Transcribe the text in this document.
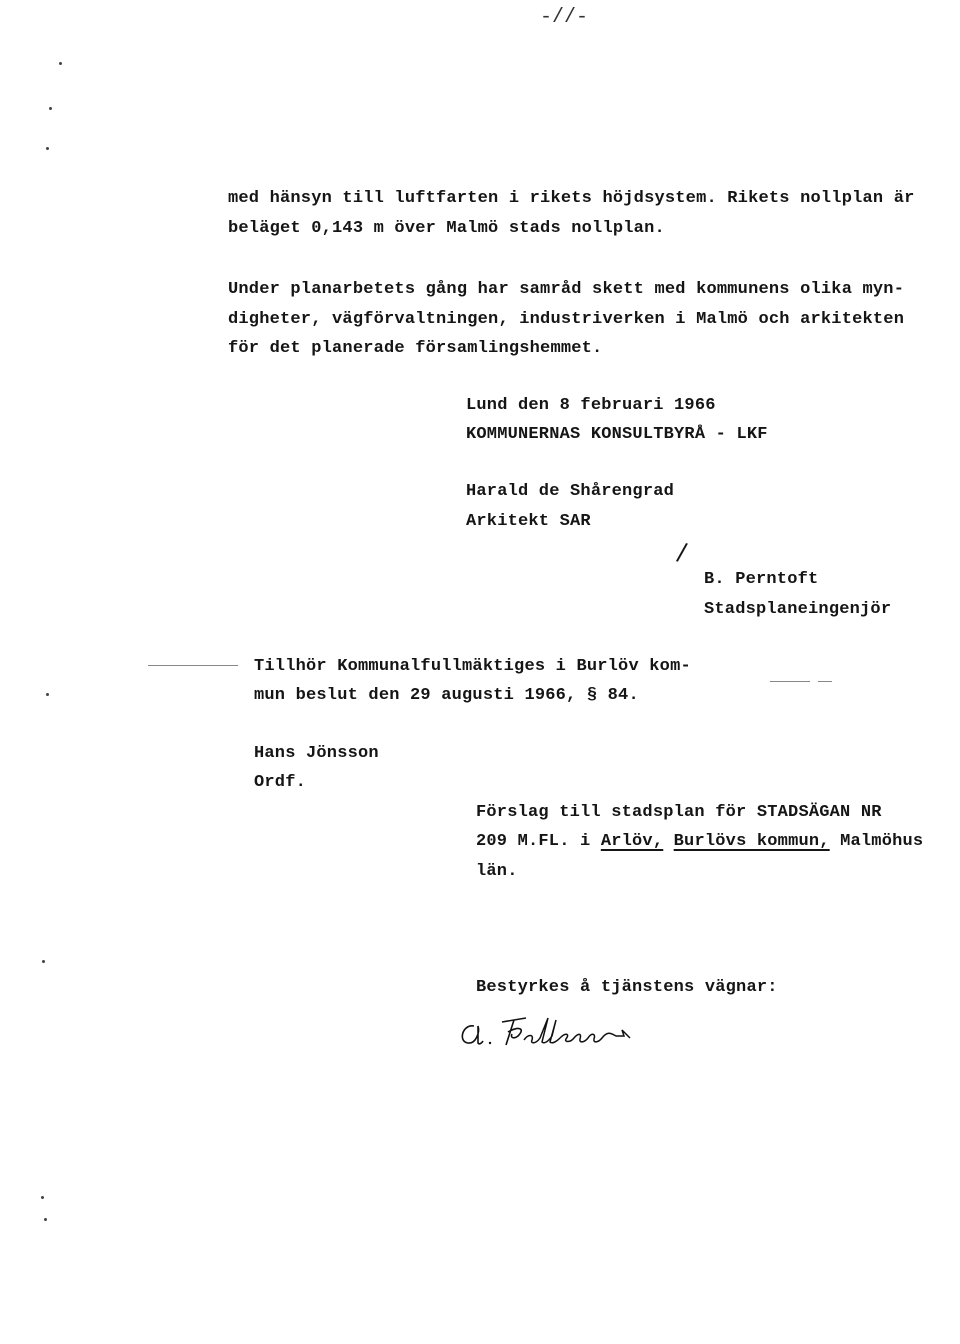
-//-
med hänsyn till luftfarten i rikets höjdsystem. Rikets nollplan är
beläget 0,143 m över Malmö stads nollplan.
Under planarbetets gång har samråd skett med kommunens olika myn-
digheter, vägförvaltningen, industriverken i Malmö och arkitekten
för det planerade församlingshemmet.
Lund den 8 februari 1966
KOMMUNERNAS KONSULTBYRÅ - LKF
Harald de Shårengrad
Arkitekt SAR
/
B. Perntoft
Stadsplaneingenjör
Tillhör Kommunalfullmäktiges i Burlöv kom-
mun beslut den 29 augusti 1966, § 84.
Hans Jönsson
Ordf.
Förslag till stadsplan för STADSÄGAN NR
209 M.FL. i Arlöv, Burlövs kommun, Malmöhus
län.
Bestyrkes å tjänstens vägnar:
